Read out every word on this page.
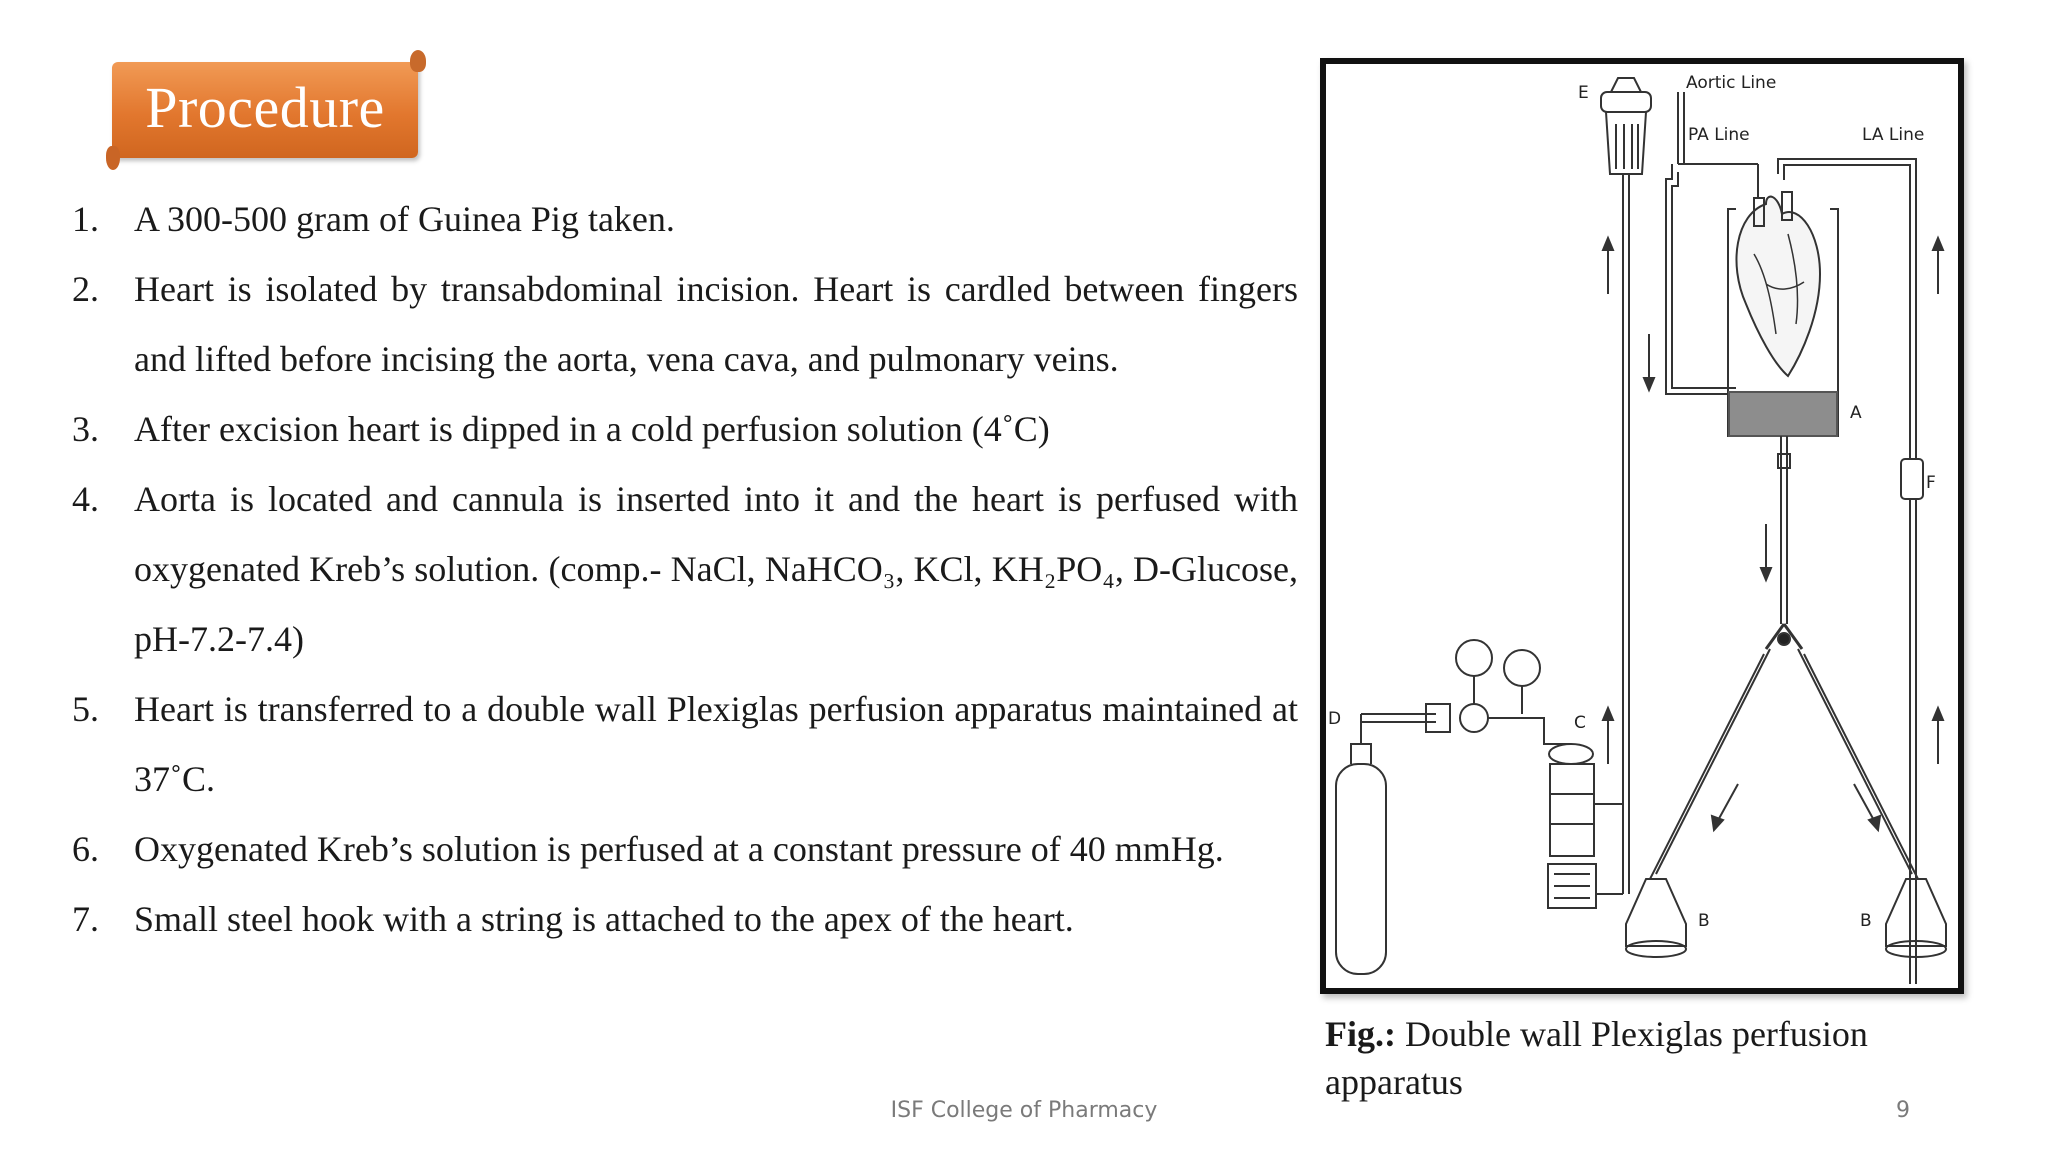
Procedure
1. A 300-500 gram of Guinea Pig taken.
2. Heart is isolated by transabdominal incision. Heart is cardled between fingers and lifted before incising the aorta, vena cava, and pulmonary veins.
3. After excision heart is dipped in a cold perfusion solution (4˚C)
4. Aorta is located and cannula is inserted into it and the heart is perfused with oxygenated Kreb’s solution. (comp.- NaCl, NaHCO₃, KCl, KH₂PO₄, D-Glucose, pH-7.2-7.4)
5. Heart is transferred to a double wall Plexiglas perfusion apparatus maintained at 37˚C.
6. Oxygenated Kreb’s solution is perfused at a constant pressure of 40 mmHg.
7. Small steel hook with a string is attached to the apex of the heart.
E	Aortic Line
PA Line	LA Line
A
F
D	C
B	B
Fig.: Double wall Plexiglas perfusion apparatus
ISF College of Pharmacy	9
